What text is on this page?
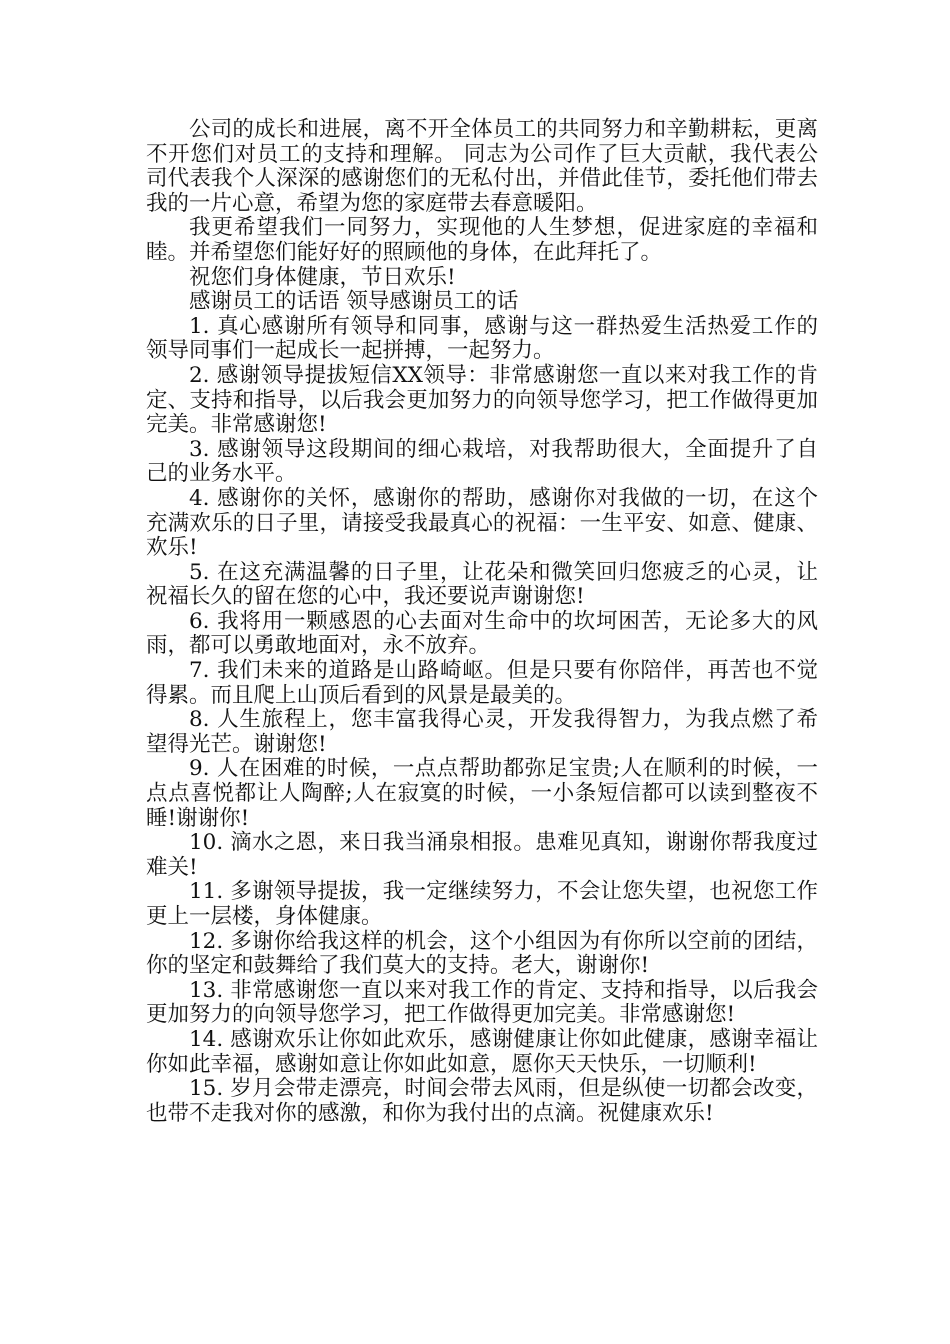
公司的成长和进展，离不开全体员工的共同努力和辛勤耕耘，更离不开您们对员工的支持和理解。 同志为公司作了巨大贡献，我代表公司代表我个人深深的感谢您们的无私付出，并借此佳节，委托他们带去我的一片心意，希望为您的家庭带去春意暖阳。

我更希望我们一同努力，实现他的人生梦想，促进家庭的幸福和睦。并希望您们能好好的照顾他的身体，在此拜托了。

祝您们身体健康，节日欢乐!

感谢员工的话语 领导感谢员工的话

1. 真心感谢所有领导和同事，感谢与这一群热爱生活热爱工作的领导同事们一起成长一起拼搏，一起努力。

2. 感谢领导提拔短信XX领导：非常感谢您一直以来对我工作的肯定、支持和指导，以后我会更加努力的向领导您学习，把工作做得更加完美。非常感谢您!

3. 感谢领导这段期间的细心栽培，对我帮助很大，全面提升了自己的业务水平。

4. 感谢你的关怀，感谢你的帮助，感谢你对我做的一切，在这个充满欢乐的日子里，请接受我最真心的祝福：一生平安、如意、健康、欢乐!

5. 在这充满温馨的日子里，让花朵和微笑回归您疲乏的心灵，让祝福长久的留在您的心中，我还要说声谢谢您!

6. 我将用一颗感恩的心去面对生命中的坎坷困苦，无论多大的风雨，都可以勇敢地面对，永不放弃。

7. 我们未来的道路是山路崎岖。但是只要有你陪伴，再苦也不觉得累。而且爬上山顶后看到的风景是最美的。

8. 人生旅程上，您丰富我得心灵，开发我得智力，为我点燃了希望得光芒。谢谢您!

9. 人在困难的时候，一点点帮助都弥足宝贵;人在顺利的时候，一点点喜悦都让人陶醉;人在寂寞的时候，一小条短信都可以读到整夜不睡!谢谢你!

10. 滴水之恩，来日我当涌泉相报。患难见真知，谢谢你帮我度过难关!

11. 多谢领导提拔，我一定继续努力，不会让您失望，也祝您工作更上一层楼，身体健康。

12. 多谢你给我这样的机会，这个小组因为有你所以空前的团结，你的坚定和鼓舞给了我们莫大的支持。老大，谢谢你!

13. 非常感谢您一直以来对我工作的肯定、支持和指导，以后我会更加努力的向领导您学习，把工作做得更加完美。非常感谢您!

14. 感谢欢乐让你如此欢乐，感谢健康让你如此健康，感谢幸福让你如此幸福，感谢如意让你如此如意，愿你天天快乐，一切顺利!

15. 岁月会带走漂亮，时间会带去风雨，但是纵使一切都会改变，也带不走我对你的感激，和你为我付出的点滴。祝健康欢乐!
